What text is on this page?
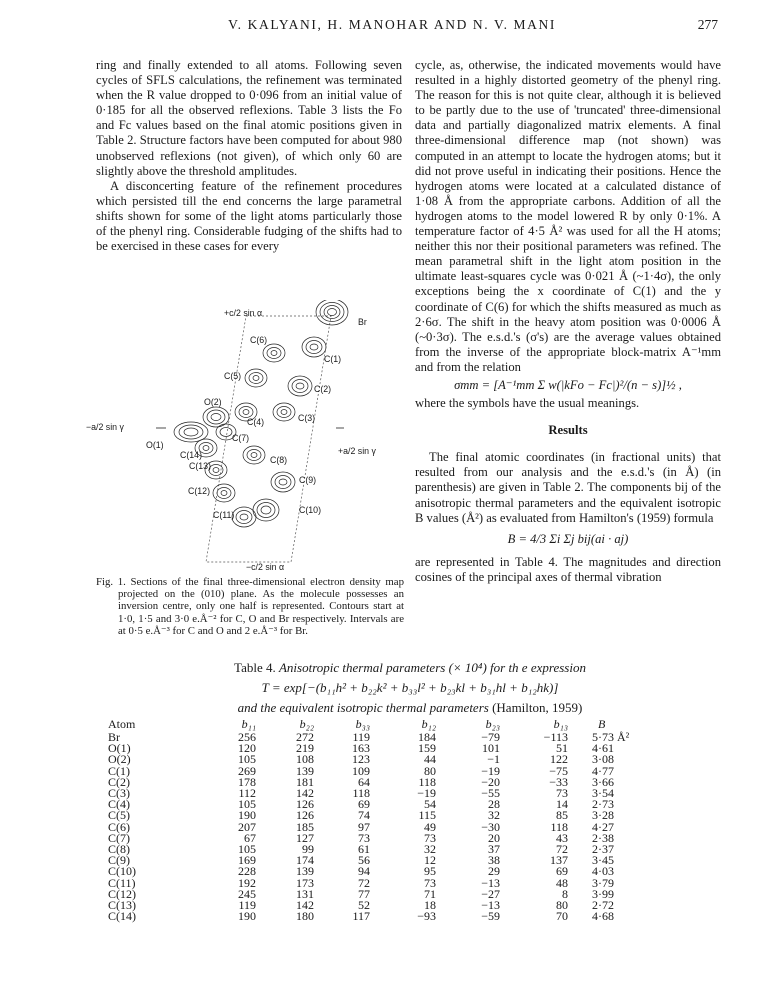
V. KALYANI, H. MANOHAR AND N. V. MANI	277

ring and finally extended to all atoms. Following seven cycles of SFLS calculations, the refinement was terminated when the R value dropped to 0·096 from an initial value of 0·185 for all the observed reflexions. Table 3 lists the Fo and Fc values based on the final atomic positions given in Table 2. Structure factors have been computed for about 980 unobserved reflexions (not given), of which only 60 are slightly above the threshold amplitudes.

A disconcerting feature of the refinement procedures which persisted till the end concerns the large parametral shifts shown for some of the light atoms particularly those of the phenyl ring. Considerable fudging of the shifts had to be exercised in these cases for every

cycle, as, otherwise, the indicated movements would have resulted in a highly distorted geometry of the phenyl ring. The reason for this is not quite clear, although it is believed to be partly due to the use of 'truncated' three-dimensional data and partially diagonalized matrix elements. A final three-dimensional difference map (not shown) was computed in an attempt to locate the hydrogen atoms; but it did not prove useful in indicating their positions. Hence the hydrogen atoms were located at a calculated distance of 1·08 Å from the appropriate carbons. Addition of all the hydrogen atoms to the model lowered R by only 0·1%. A temperature factor of 4·5 Å² was used for all the H atoms; neither this nor their positional parameters was refined. The mean parametral shift in the light atom position in the ultimate least-squares cycle was 0·021 Å (~1·4σ), the only exceptions being the x coordinate of C(1) and the y coordinate of C(6) for which the shifts measured as much as 2·6σ. The shift in the heavy atom position was 0·0006 Å (~0·3σ). The e.s.d.'s (σ's) are the average values obtained from the inverse of the appropriate block-matrix A⁻¹mm and from the relation

σmm = [A⁻¹mm Σ w(|kFo − Fc|)²/(n − s)]½ ,

where the symbols have the usual meanings.

Results

The final atomic coordinates (in fractional units) that resulted from our analysis and the e.s.d.'s (in Å) (in parenthesis) are given in Table 2. The components bij of the anisotropic thermal parameters and the equivalent isotropic B values (Å²) as evaluated from Hamilton's (1959) formula

B = 4/3 Σi Σj bij(ai · aj)

are represented in Table 4. The magnitudes and direction cosines of the principal axes of thermal vibration

+c/2 sin α
−c/2 sin α
−a/2 sin γ
+a/2 sin γ
Br
C(1)
C(6)
C(5)
C(2)
C(3)
C(4)
O(2)
C(7)
O(1)
C(14)	C(8)
C(13)
C(9)
C(12)
C(10)
C(11)
Fig. 1. Sections of the final three-dimensional electron density map projected on the (010) plane. As the molecule possesses an inversion centre, only one half is represented. Contours start at 1·0, 1·5 and 3·0 e.Å⁻² for C, O and Br respectively. Intervals are at 0·5 e.Å⁻³ for C and O and 2 e.Å⁻³ for Br.
Table 4. Anisotropic thermal parameters (× 10⁴) for th e expression
T = exp[−(b₁₁h² + b₂₂k² + b₃₃l² + b₂₃kl + b₃₁hl + b₁₂hk)]
and the equivalent isotropic thermal parameters (Hamilton, 1959)
Atom	b₁₁	b₂₂	b₃₃	b₁₂	b₂₃	b₁₃	B
Br	256	272	119	184	−79	−113	5·73 Å²
O(1)	120	219	163	159	101	51	4·61
O(2)	105	108	123	44	−1	122	3·08
C(1)	269	139	109	80	−19	−75	4·77
C(2)	178	181	64	118	−20	−33	3·66
C(3)	112	142	118	−19	−55	73	3·54
C(4)	105	126	69	54	28	14	2·73
C(5)	190	126	74	115	32	85	3·28
C(6)	207	185	97	49	−30	118	4·27
C(7)	67	127	73	73	20	43	2·38
C(8)	105	99	61	32	37	72	2·37
C(9)	169	174	56	12	38	137	3·45
C(10)	228	139	94	95	29	69	4·03
C(11)	192	173	72	73	−13	48	3·79
C(12)	245	131	77	71	−27	8	3·99
C(13)	119	142	52	18	−13	80	2·72
C(14)	190	180	117	−93	−59	70	4·68
